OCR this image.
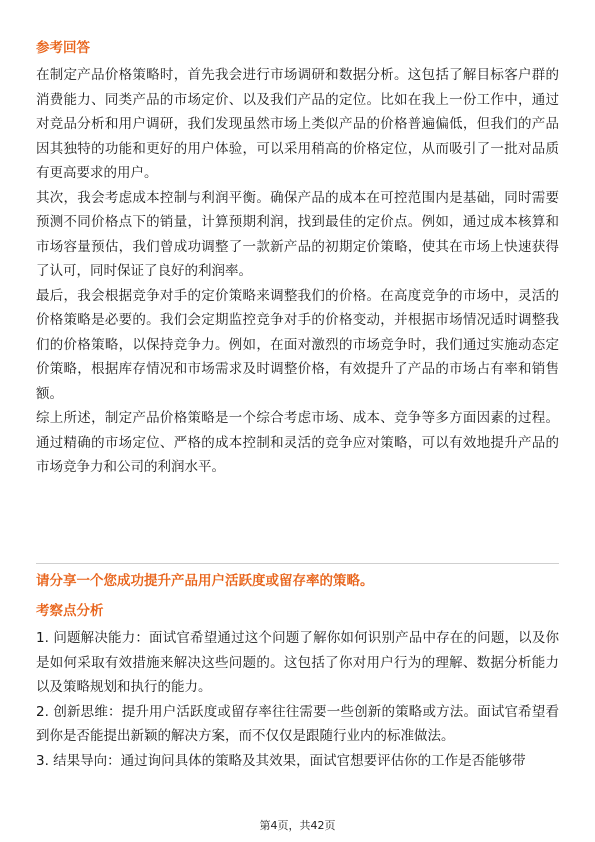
参考回答

在制定产品价格策略时，首先我会进行市场调研和数据分析。这包括了解目标客户群的消费能力、同类产品的市场定价、以及我们产品的定位。比如在我上一份工作中，通过对竞品分析和用户调研，我们发现虽然市场上类似产品的价格普遍偏低，但我们的产品因其独特的功能和更好的用户体验，可以采用稍高的价格定位，从而吸引了一批对品质有更高要求的用户。

其次，我会考虑成本控制与利润平衡。确保产品的成本在可控范围内是基础，同时需要预测不同价格点下的销量，计算预期利润，找到最佳的定价点。例如，通过成本核算和市场容量预估，我们曾成功调整了一款新产品的初期定价策略，使其在市场上快速获得了认可，同时保证了良好的利润率。

最后，我会根据竞争对手的定价策略来调整我们的价格。在高度竞争的市场中，灵活的价格策略是必要的。我们会定期监控竞争对手的价格变动，并根据市场情况适时调整我们的价格策略，以保持竞争力。例如，在面对激烈的市场竞争时，我们通过实施动态定价策略，根据库存情况和市场需求及时调整价格，有效提升了产品的市场占有率和销售额。

综上所述，制定产品价格策略是一个综合考虑市场、成本、竞争等多方面因素的过程。通过精确的市场定位、严格的成本控制和灵活的竞争应对策略，可以有效地提升产品的市场竞争力和公司的利润水平。

请分享一个您成功提升产品用户活跃度或留存率的策略。
考察点分析

1. 问题解决能力：面试官希望通过这个问题了解你如何识别产品中存在的问题，以及你是如何采取有效措施来解决这些问题的。这包括了你对用户行为的理解、数据分析能力以及策略规划和执行的能力。

2. 创新思维：提升用户活跃度或留存率往往需要一些创新的策略或方法。面试官希望看到你是否能提出新颖的解决方案，而不仅仅是跟随行业内的标准做法。

3. 结果导向：通过询问具体的策略及其效果，面试官想要评估你的工作是否能够带

第4页，共42页
